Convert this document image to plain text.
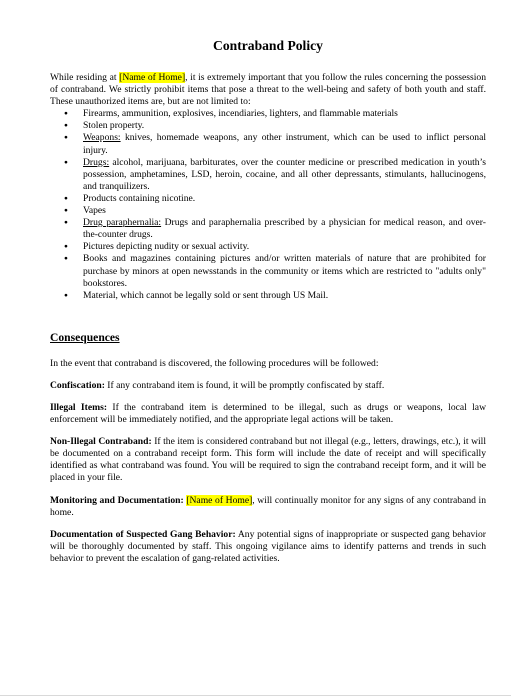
Contraband Policy

While residing at [Name of Home], it is extremely important that you follow the rules concerning the possession of contraband. We strictly prohibit items that pose a threat to the well-being and safety of both youth and staff. These unauthorized items are, but are not limited to:

● Firearms, ammunition, explosives, incendiaries, lighters, and flammable materials
● Stolen property.
● Weapons: knives, homemade weapons, any other instrument, which can be used to inflict personal injury.
● Drugs: alcohol, marijuana, barbiturates, over the counter medicine or prescribed medication in youth’s possession, amphetamines, LSD, heroin, cocaine, and all other depressants, stimulants, hallucinogens, and tranquilizers.
● Products containing nicotine.
● Vapes
● Drug paraphernalia: Drugs and paraphernalia prescribed by a physician for medical reason, and over-the-counter drugs.
● Pictures depicting nudity or sexual activity.
● Books and magazines containing pictures and/or written materials of nature that are prohibited for purchase by minors at open newsstands in the community or items which are restricted to "adults only" bookstores.
● Material, which cannot be legally sold or sent through US Mail.
Consequences

In the event that contraband is discovered, the following procedures will be followed:

Confiscation: If any contraband item is found, it will be promptly confiscated by staff.

Illegal Items: If the contraband item is determined to be illegal, such as drugs or weapons, local law enforcement will be immediately notified, and the appropriate legal actions will be taken.

Non-Illegal Contraband: If the item is considered contraband but not illegal (e.g., letters, drawings, etc.), it will be documented on a contraband receipt form. This form will include the date of receipt and will specifically identified as what contraband was found. You will be required to sign the contraband receipt form, and it will be placed in your file.

Monitoring and Documentation: [Name of Home], will continually monitor for any signs of any contraband in home.

Documentation of Suspected Gang Behavior: Any potential signs of inappropriate or suspected gang behavior will be thoroughly documented by staff. This ongoing vigilance aims to identify patterns and trends in such behavior to prevent the escalation of gang-related activities.
